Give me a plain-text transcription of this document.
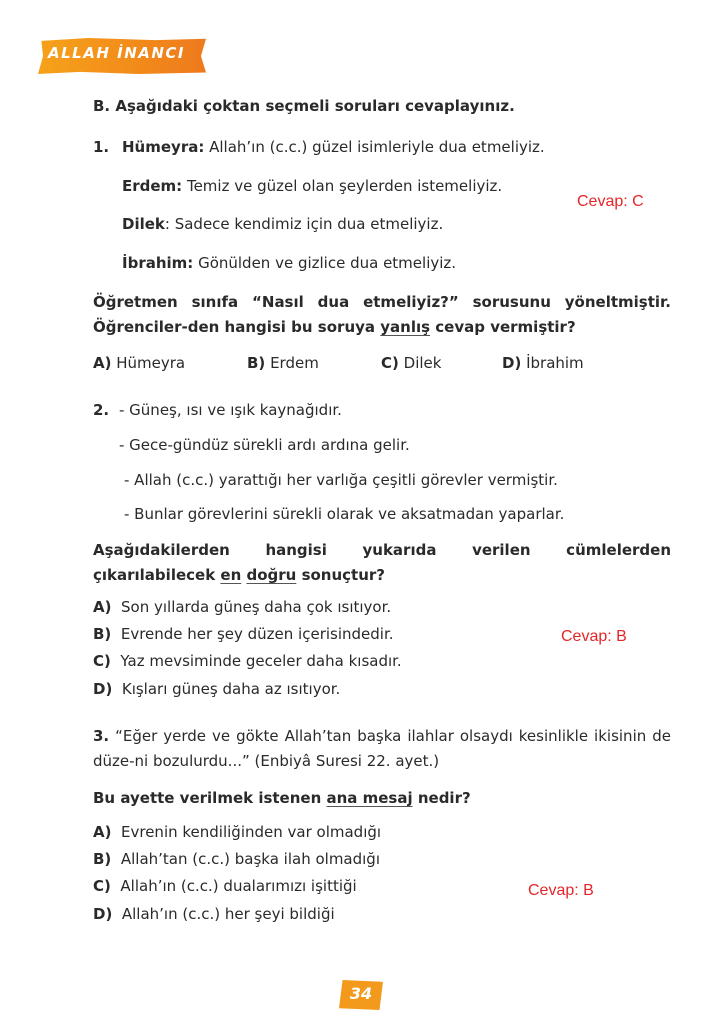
ALLAH İNANCI
B. Aşağıdaki çoktan seçmeli soruları cevaplayınız.
1. Hümeyra: Allah’ın (c.c.) güzel isimleriyle dua etmeliyiz.
Erdem: Temiz ve güzel olan şeylerden istemeliyiz.
Dilek: Sadece kendimiz için dua etmeliyiz.
İbrahim: Gönülden ve gizlice dua etmeliyiz.
Cevap: C
Öğretmen sınıfa “Nasıl dua etmeliyiz?” sorusunu yöneltmiştir. Öğrenciler-den hangisi bu soruya yanlış cevap vermiştir?
A) Hümeyra	B) Erdem	C) Dilek	D) İbrahim
2. - Güneş, ısı ve ışık kaynağıdır.
- Gece-gündüz sürekli ardı ardına gelir.
- Allah (c.c.) yarattığı her varlığa çeşitli görevler vermiştir.
- Bunlar görevlerini sürekli olarak ve aksatmadan yaparlar.
Aşağıdakilerden hangisi yukarıda verilen cümlelerden çıkarılabilecek en doğru sonuçtur?
A) Son yıllarda güneş daha çok ısıtıyor.
B) Evrende her şey düzen içerisindedir.
C) Yaz mevsiminde geceler daha kısadır.
D) Kışları güneş daha az ısıtıyor.
Cevap: B
3. “Eğer yerde ve gökte Allah’tan başka ilahlar olsaydı kesinlikle ikisinin de düze-ni bozulurdu...” (Enbiyâ Suresi 22. ayet.)
Bu ayette verilmek istenen ana mesaj nedir?
A) Evrenin kendiliğinden var olmadığı
B) Allah’tan (c.c.) başka ilah olmadığı
C) Allah’ın (c.c.) dualarımızı işittiği
D) Allah’ın (c.c.) her şeyi bildiği
Cevap: B
34
